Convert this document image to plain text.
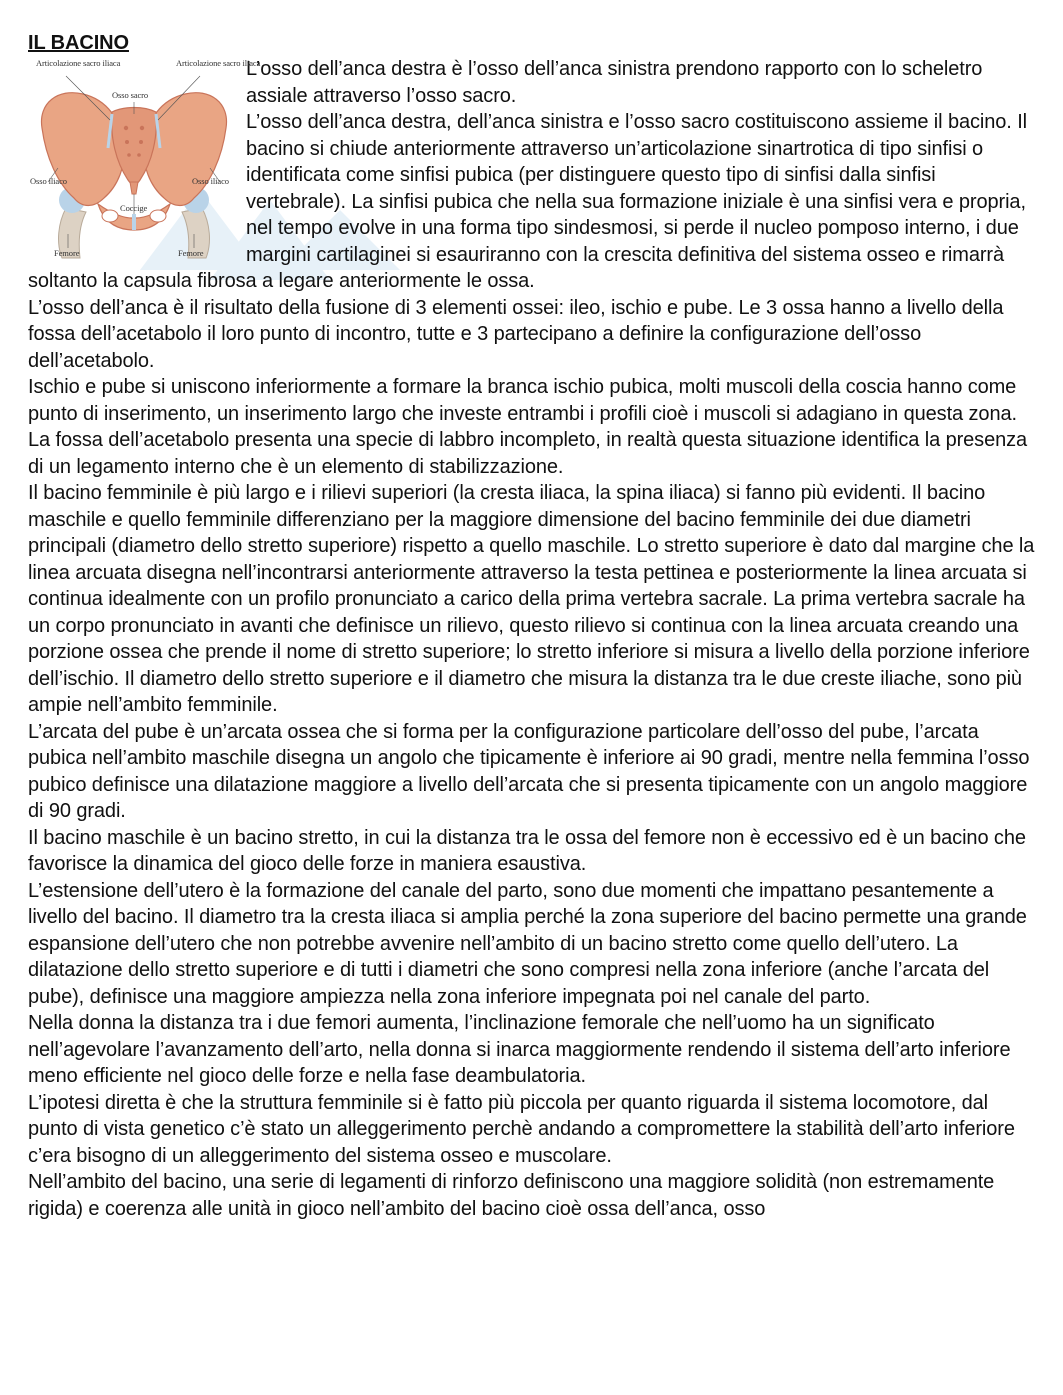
IL BACINO
Articolazione sacro iliaca	Articolazione sacro iliaca
Osso sacro
Osso iliaco	Osso iliaco
Coccige
Femore	Femore

L’osso dell’anca destra è l’osso dell’anca sinistra prendono rapporto con lo scheletro assiale attraverso l’osso sacro.

L’osso dell’anca destra, dell’anca sinistra e l’osso sacro costituiscono assieme il bacino. Il bacino si chiude anteriormente attraverso un’articolazione sinartrotica di tipo sinfisi o identificata come sinfisi pubica (per distinguere questo tipo di sinfisi dalla sinfisi vertebrale). La sinfisi pubica che nella sua formazione iniziale è una sinfisi vera e propria, nel tempo evolve in una forma tipo sindesmosi, si perde il nucleo pomposo interno, i due margini cartilaginei si esauriranno con la crescita definitiva del sistema osseo e rimarrà soltanto la capsula fibrosa a legare anteriormente le ossa.

L’osso dell’anca è il risultato della fusione di 3 elementi ossei: ileo, ischio e pube. Le 3 ossa hanno a livello della fossa dell’acetabolo il loro punto di incontro, tutte e 3 partecipano a definire la configurazione dell’osso dell’acetabolo.

Ischio e pube si uniscono inferiormente a formare la branca ischio pubica, molti muscoli della coscia hanno come punto di inserimento, un inserimento largo che investe entrambi i profili cioè i muscoli si adagiano in questa zona.

La fossa dell’acetabolo presenta una specie di labbro incompleto, in realtà questa situazione identifica la presenza di un legamento interno che è un elemento di stabilizzazione.

Il bacino femminile è più largo e i rilievi superiori (la cresta iliaca, la spina iliaca) si fanno più evidenti. Il bacino maschile e quello femminile differenziano per la maggiore dimensione del bacino femminile dei due diametri principali (diametro dello stretto superiore) rispetto a quello maschile. Lo stretto superiore è dato dal margine che la linea arcuata disegna nell’incontrarsi anteriormente attraverso la testa pettinea e posteriormente la linea arcuata si continua idealmente con un profilo pronunciato a carico della prima vertebra sacrale. La prima vertebra sacrale ha un corpo pronunciato in avanti che definisce un rilievo, questo rilievo si continua con la linea arcuata creando una porzione ossea che prende il nome di stretto superiore; lo stretto inferiore si misura a livello della porzione inferiore dell’ischio. Il diametro dello stretto superiore e il diametro che misura la distanza tra le due creste iliache, sono più ampie nell’ambito femminile.

L’arcata del pube è un’arcata ossea che si forma per la configurazione particolare dell’osso del pube, l’arcata pubica nell’ambito maschile disegna un angolo che tipicamente è inferiore ai 90 gradi, mentre nella femmina l’osso pubico definisce una dilatazione maggiore a livello dell’arcata che si presenta tipicamente con un angolo maggiore di 90 gradi.

Il bacino maschile è un bacino stretto, in cui la distanza tra le ossa del femore non è eccessivo ed è un bacino che favorisce la dinamica del gioco delle forze in maniera esaustiva.

L’estensione dell’utero è la formazione del canale del parto, sono due momenti che impattano pesantemente a livello del bacino. Il diametro tra la cresta iliaca si amplia perché la zona superiore del bacino permette una grande espansione dell’utero che non potrebbe avvenire nell’ambito di un bacino stretto come quello dell’utero. La dilatazione dello stretto superiore e di tutti i diametri che sono compresi nella zona inferiore (anche l’arcata del pube), definisce una maggiore ampiezza nella zona inferiore impegnata poi nel canale del parto.

Nella donna la distanza tra i due femori aumenta, l’inclinazione femorale che nell’uomo ha un significato nell’agevolare l’avanzamento dell’arto, nella donna si inarca maggiormente rendendo il sistema dell’arto inferiore meno efficiente nel gioco delle forze e nella fase deambulatoria.

L’ipotesi diretta è che la struttura femminile si è fatto più piccola per quanto riguarda il sistema locomotore, dal punto di vista genetico c’è stato un alleggerimento perchè andando a compromettere la stabilità dell’arto inferiore c’era bisogno di un alleggerimento del sistema osseo e muscolare.

Nell’ambito del bacino, una serie di legamenti di rinforzo definiscono una maggiore solidità (non estremamente rigida) e coerenza alle unità in gioco nell’ambito del bacino cioè ossa dell’anca, osso
